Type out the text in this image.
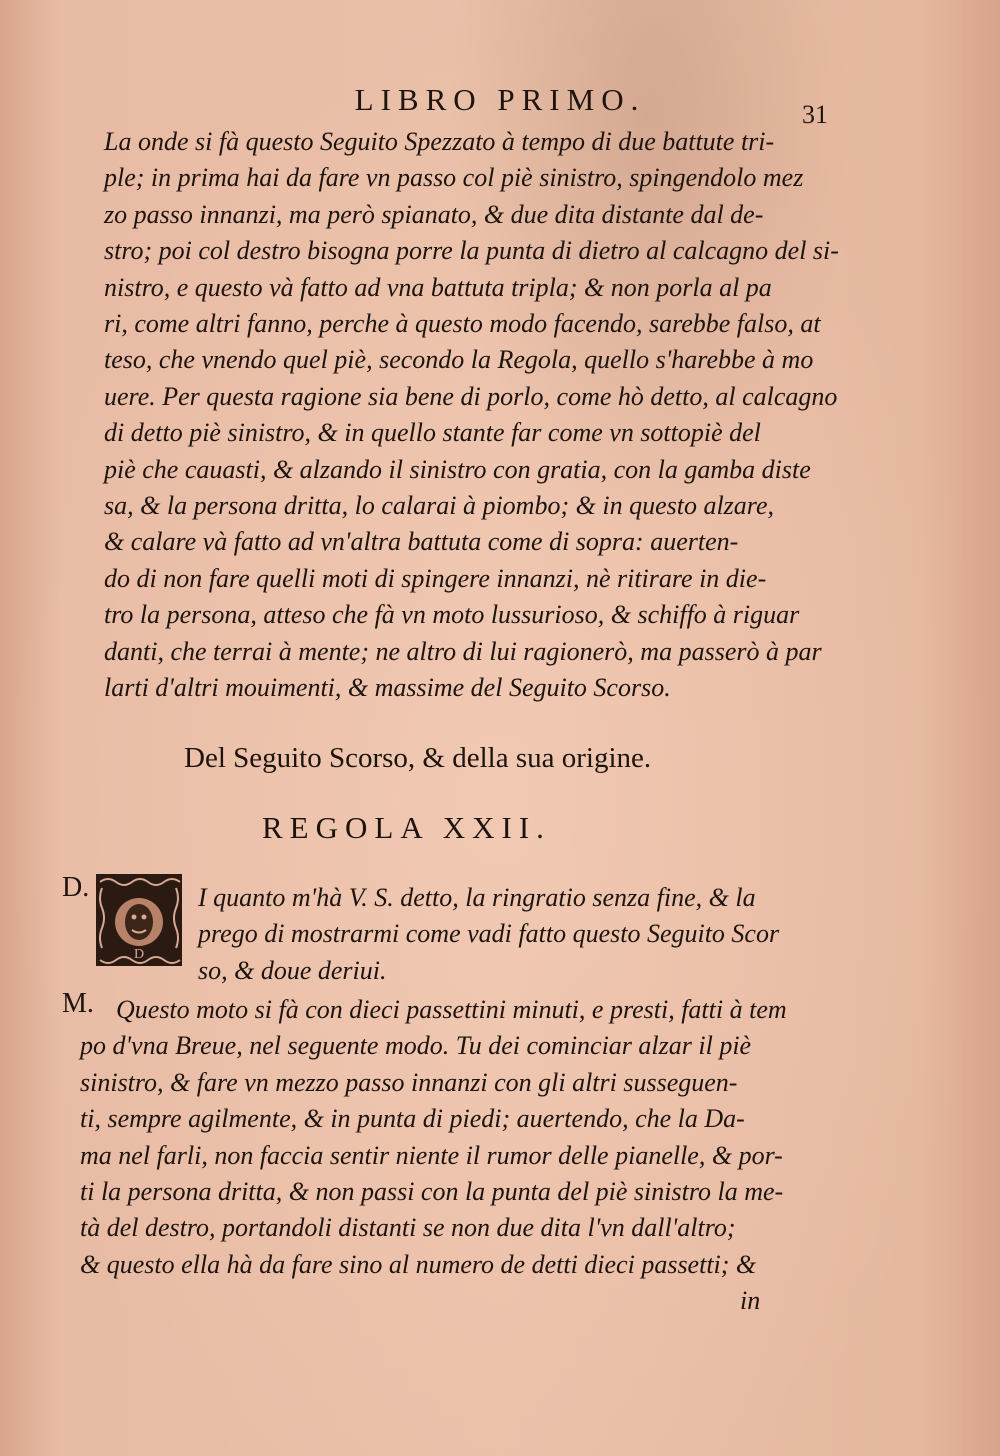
LIBRO PRIMO.	31
La onde si fà questo Seguito Spezzato à tempo di due battute tri-
ple; in prima hai da fare vn passo col piè sinistro, spingendolo mez
zo passo innanzi, ma però spianato, & due dita distante dal de-
stro; poi col destro bisogna porre la punta di dietro al calcagno del si-
nistro, e questo và fatto ad vna battuta tripla; & non porla al pa
ri, come altri fanno, perche à questo modo facendo, sarebbe falso, at
teso, che vnendo quel piè, secondo la Regola, quello s'harebbe à mo
uere. Per questa ragione sia bene di porlo, come hò detto, al calcagno
di detto piè sinistro, & in quello stante far come vn sottopiè del
piè che cauasti, & alzando il sinistro con gratia, con la gamba diste
sa, & la persona dritta, lo calarai à piombo; & in questo alzare,
& calare và fatto ad vn'altra battuta come di sopra: auerten-
do di non fare quelli moti di spingere innanzi, nè ritirare in die-
tro la persona, atteso che fà vn moto lussurioso, & schiffo à riguar
danti, che terrai à mente; ne altro di lui ragionerò, ma passerò à par
larti d'altri mouimenti, & massime del Seguito Scorso.
Del Seguito Scorso, & della sua origine.
REGOLA XXII.
D.
D
I quanto m'hà V. S. detto, la ringratio senza fine, & la
prego di mostrarmi come vadi fatto questo Seguito Scor
so, & doue deriui.
M. Questo moto si fà con dieci passettini minuti, e presti, fatti à tem
po d'vna Breue, nel seguente modo. Tu dei cominciar alzar il piè
sinistro, & fare vn mezzo passo innanzi con gli altri susseguen-
ti, sempre agilmente, & in punta di piedi; auertendo, che la Da-
ma nel farli, non faccia sentir niente il rumor delle pianelle, & por-
ti la persona dritta, & non passi con la punta del piè sinistro la me-
tà del destro, portandoli distanti se non due dita l'vn dall'altro;
& questo ella hà da fare sino al numero de detti dieci passetti; &
in
